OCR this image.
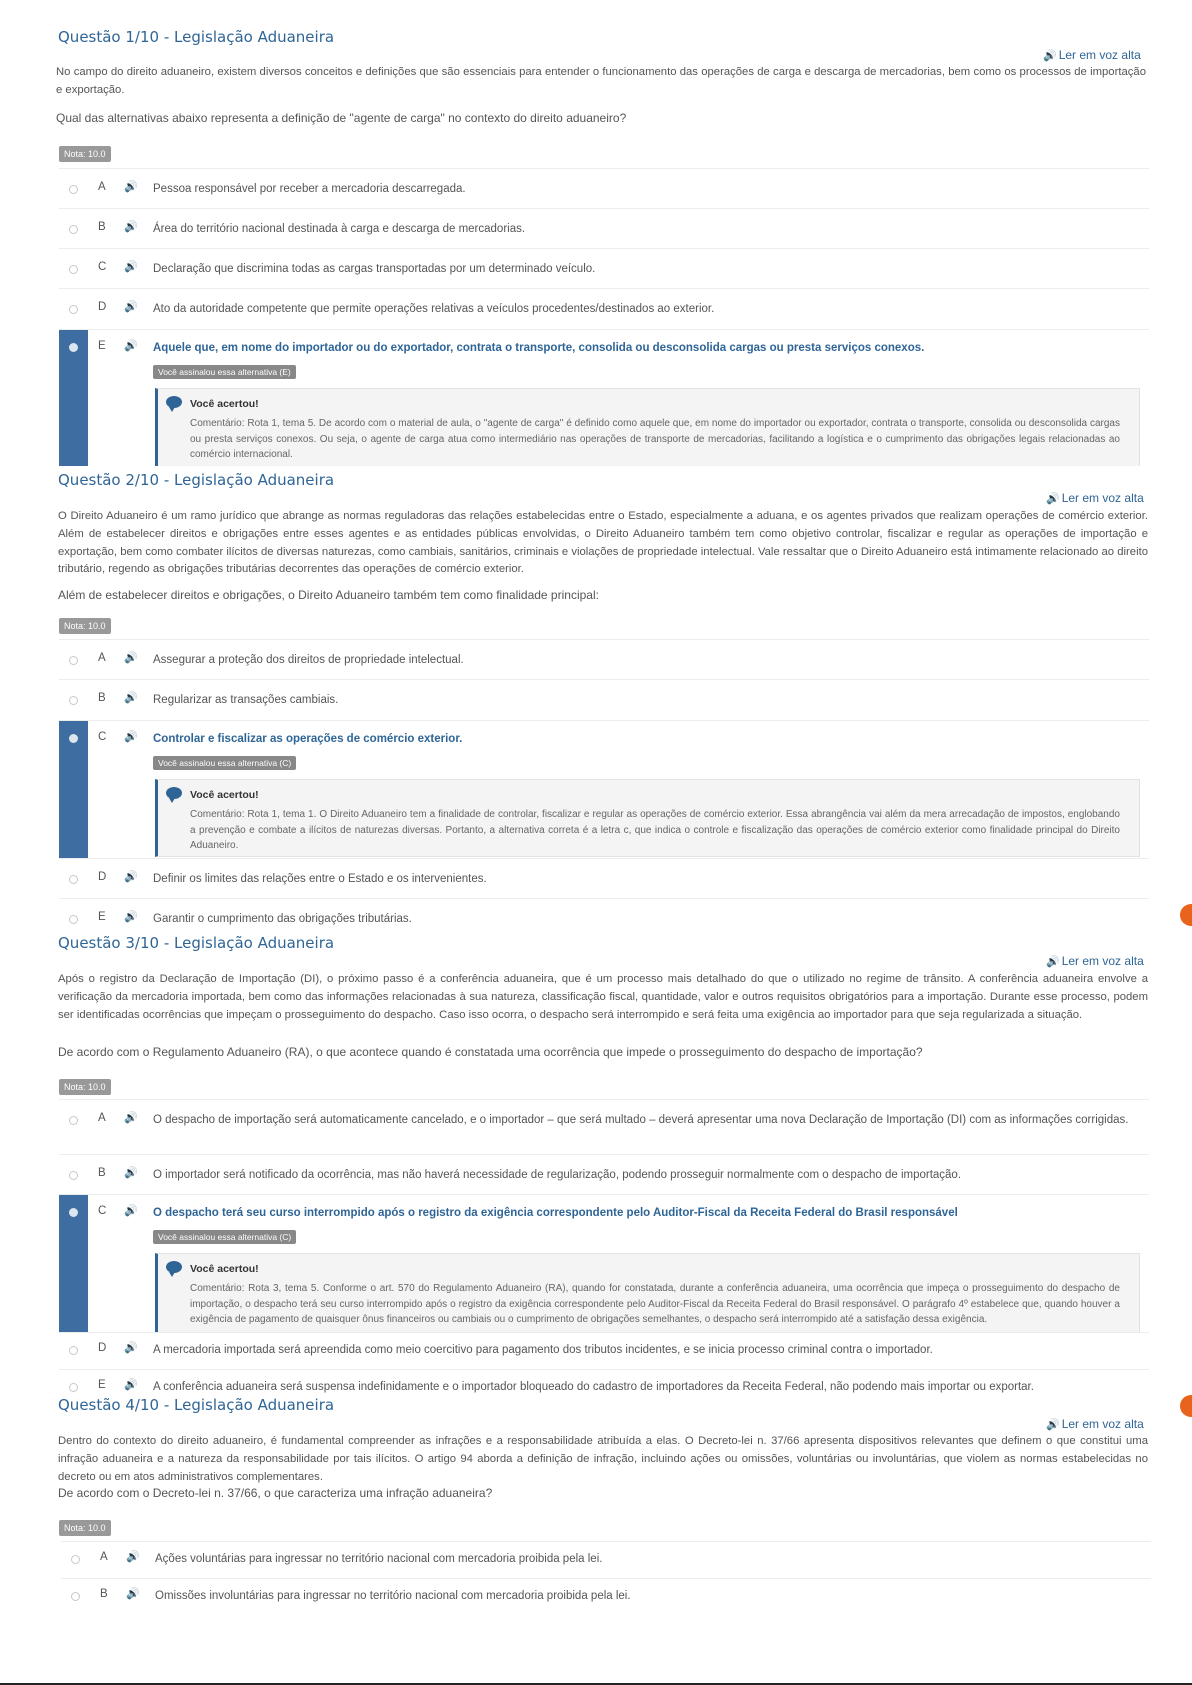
Questão 1/10 - Legislação Aduaneira
🔊 Ler em voz alta
No campo do direito aduaneiro, existem diversos conceitos e definições que são essenciais para entender o funcionamento das operações de carga e descarga de mercadorias, bem como os processos de importação e exportação.
Qual das alternativas abaixo representa a definição de "agente de carga" no contexto do direito aduaneiro?
Nota: 10.0
A 🔊 Pessoa responsável por receber a mercadoria descarregada.
B 🔊 Área do território nacional destinada à carga e descarga de mercadorias.
C 🔊 Declaração que discrimina todas as cargas transportadas por um determinado veículo.
D 🔊 Ato da autoridade competente que permite operações relativas a veículos procedentes/destinados ao exterior.
E 🔊 Aquele que, em nome do importador ou do exportador, contrata o transporte, consolida ou desconsolida cargas ou presta serviços conexos.
Você assinalou essa alternativa (E)
Você acertou!
Comentário: Rota 1, tema 5. De acordo com o material de aula, o "agente de carga" é definido como aquele que, em nome do importador ou exportador, contrata o transporte, consolida ou desconsolida cargas ou presta serviços conexos. Ou seja, o agente de carga atua como intermediário nas operações de transporte de mercadorias, facilitando a logística e o cumprimento das obrigações legais relacionadas ao comércio internacional.
Questão 2/10 - Legislação Aduaneira
🔊 Ler em voz alta
O Direito Aduaneiro é um ramo jurídico que abrange as normas reguladoras das relações estabelecidas entre o Estado, especialmente a aduana, e os agentes privados que realizam operações de comércio exterior. Além de estabelecer direitos e obrigações entre esses agentes e as entidades públicas envolvidas, o Direito Aduaneiro também tem como objetivo controlar, fiscalizar e regular as operações de importação e exportação, bem como combater ilícitos de diversas naturezas, como cambiais, sanitários, criminais e violações de propriedade intelectual. Vale ressaltar que o Direito Aduaneiro está intimamente relacionado ao direito tributário, regendo as obrigações tributárias decorrentes das operações de comércio exterior.
Além de estabelecer direitos e obrigações, o Direito Aduaneiro também tem como finalidade principal:
Nota: 10.0
A 🔊 Assegurar a proteção dos direitos de propriedade intelectual.
B 🔊 Regularizar as transações cambiais.
C 🔊 Controlar e fiscalizar as operações de comércio exterior.
Você assinalou essa alternativa (C)
Você acertou!
Comentário: Rota 1, tema 1. O Direito Aduaneiro tem a finalidade de controlar, fiscalizar e regular as operações de comércio exterior. Essa abrangência vai além da mera arrecadação de impostos, englobando a prevenção e combate a ilícitos de naturezas diversas. Portanto, a alternativa correta é a letra c, que indica o controle e fiscalização das operações de comércio exterior como finalidade principal do Direito Aduaneiro.
D 🔊 Definir os limites das relações entre o Estado e os intervenientes.
E 🔊 Garantir o cumprimento das obrigações tributárias.
Questão 3/10 - Legislação Aduaneira
🔊 Ler em voz alta
Após o registro da Declaração de Importação (DI), o próximo passo é a conferência aduaneira, que é um processo mais detalhado do que o utilizado no regime de trânsito. A conferência aduaneira envolve a verificação da mercadoria importada, bem como das informações relacionadas à sua natureza, classificação fiscal, quantidade, valor e outros requisitos obrigatórios para a importação. Durante esse processo, podem ser identificadas ocorrências que impeçam o prosseguimento do despacho. Caso isso ocorra, o despacho será interrompido e será feita uma exigência ao importador para que seja regularizada a situação.
De acordo com o Regulamento Aduaneiro (RA), o que acontece quando é constatada uma ocorrência que impede o prosseguimento do despacho de importação?
Nota: 10.0
A 🔊 O despacho de importação será automaticamente cancelado, e o importador – que será multado – deverá apresentar uma nova Declaração de Importação (DI) com as informações corrigidas.
B 🔊 O importador será notificado da ocorrência, mas não haverá necessidade de regularização, podendo prosseguir normalmente com o despacho de importação.
C 🔊 O despacho terá seu curso interrompido após o registro da exigência correspondente pelo Auditor-Fiscal da Receita Federal do Brasil responsável
Você assinalou essa alternativa (C)
Você acertou!
Comentário: Rota 3, tema 5. Conforme o art. 570 do Regulamento Aduaneiro (RA), quando for constatada, durante a conferência aduaneira, uma ocorrência que impeça o prosseguimento do despacho de importação, o despacho terá seu curso interrompido após o registro da exigência correspondente pelo Auditor-Fiscal da Receita Federal do Brasil responsável. O parágrafo 4º estabelece que, quando houver a exigência de pagamento de quaisquer ônus financeiros ou cambiais ou o cumprimento de obrigações semelhantes, o despacho será interrompido até a satisfação dessa exigência.
D 🔊 A mercadoria importada será apreendida como meio coercitivo para pagamento dos tributos incidentes, e se inicia processo criminal contra o importador.
E 🔊 A conferência aduaneira será suspensa indefinidamente e o importador bloqueado do cadastro de importadores da Receita Federal, não podendo mais importar ou exportar.
Questão 4/10 - Legislação Aduaneira
🔊 Ler em voz alta
Dentro do contexto do direito aduaneiro, é fundamental compreender as infrações e a responsabilidade atribuída a elas. O Decreto-lei n. 37/66 apresenta dispositivos relevantes que definem o que constitui uma infração aduaneira e a natureza da responsabilidade por tais ilícitos. O artigo 94 aborda a definição de infração, incluindo ações ou omissões, voluntárias ou involuntárias, que violem as normas estabelecidas no decreto ou em atos administrativos complementares.
De acordo com o Decreto-lei n. 37/66, o que caracteriza uma infração aduaneira?
Nota: 10.0
A 🔊 Ações voluntárias para ingressar no território nacional com mercadoria proibida pela lei.
B 🔊 Omissões involuntárias para ingressar no território nacional com mercadoria proibida pela lei.
